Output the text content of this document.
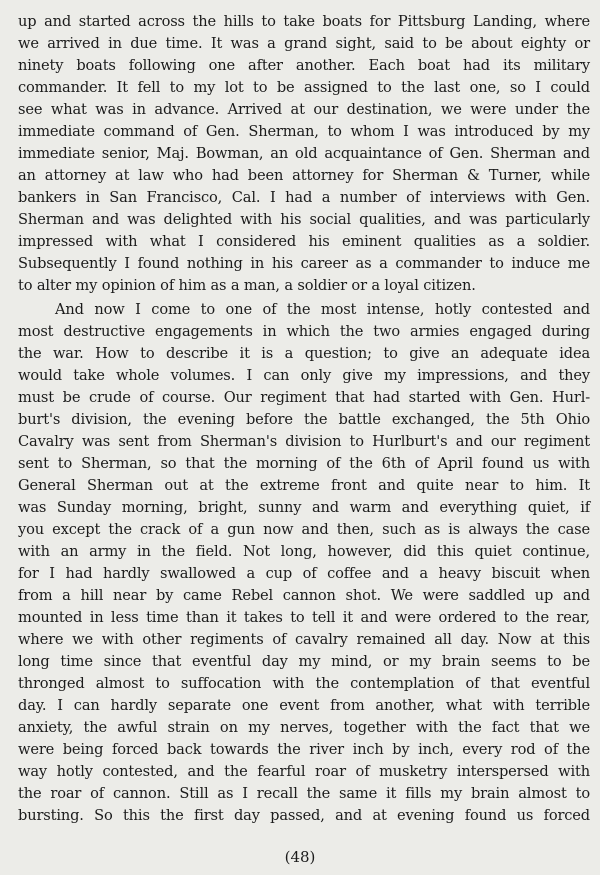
up and started across the hills to take boats for Pittsburg Landing, where
we arrived in due time. It was a grand sight, said to be about eighty or
ninety boats following one after another. Each boat had its military
commander. It fell to my lot to be assigned to the last one, so I could
see what was in advance. Arrived at our destination, we were under the
immediate command of Gen. Sherman, to whom I was introduced by my
immediate senior, Maj. Bowman, an old acquaintance of Gen. Sherman and
an attorney at law who had been attorney for Sherman & Turner, while
bankers in San Francisco, Cal. I had a number of interviews with Gen.
Sherman and was delighted with his social qualities, and was particularly
impressed with what I considered his eminent qualities as a soldier.
Subsequently I found nothing in his career as a commander to induce me
to alter my opinion of him as a man, a soldier or a loyal citizen.
And now I come to one of the most intense, hotly contested and
most destructive engagements in which the two armies engaged during
the war. How to describe it is a question; to give an adequate idea
would take whole volumes. I can only give my impressions, and they
must be crude of course. Our regiment that had started with Gen. Hurl-
burt's division, the evening before the battle exchanged, the 5th Ohio
Cavalry was sent from Sherman's division to Hurlburt's and our regiment
sent to Sherman, so that the morning of the 6th of April found us with
General Sherman out at the extreme front and quite near to him. It
was Sunday morning, bright, sunny and warm and everything quiet, if
you except the crack of a gun now and then, such as is always the case
with an army in the field. Not long, however, did this quiet continue,
for I had hardly swallowed a cup of coffee and a heavy biscuit when
from a hill near by came Rebel cannon shot. We were saddled up and
mounted in less time than it takes to tell it and were ordered to the rear,
where we with other regiments of cavalry remained all day. Now at this
long time since that eventful day my mind, or my brain seems to be
thronged almost to suffocation with the contemplation of that eventful
day. I can hardly separate one event from another, what with terrible
anxiety, the awful strain on my nerves, together with the fact that we
were being forced back towards the river inch by inch, every rod of the
way hotly contested, and the fearful roar of musketry interspersed with
the roar of cannon. Still as I recall the same it fills my brain almost to
bursting. So this the first day passed, and at evening found us forced
(48)
